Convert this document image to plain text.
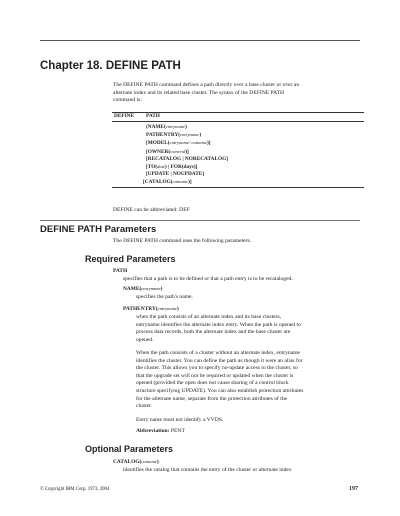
Chapter 18. DEFINE PATH
The DEFINE PATH command defines a path directly over a base cluster or over an
alternate index and its related base cluster. The syntax of the DEFINE PATH
command is:
DEFINE PATH
(NAME(entryname)
PATHENTRY(entryname)
[MODEL(entryname/ catname)]
[OWNER(ownerid)]
[RECATALOG | NORECATALOG]
[TO(date) | FOR(days)]
[UPDATE | NOUPDATE]
[CATALOG(catname)]
DEFINE can be abbreviated: DEF
DEFINE PATH Parameters
The DEFINE PATH command uses the following parameters.
Required Parameters
PATH
specifies that a path is to be defined or that a path entry is to be recataloged.
NAME(entryname)
specifies the path's name.
PATHENTRY(entryname)
when the path consists of an alternate index and its base clusters,
entryname identifies the alternate index entry. When the path is opened to
process data records, both the alternate index and the base cluster are
opened.
When the path consists of a cluster without an alternate index, entryname
identifies the cluster. You can define the path as though it were an alias for
the cluster. This allows you to specify no-update access to the cluster, so
that the upgrade set will not be required or updated when the cluster is
opened (provided the open does not cause sharing of a control block
structure specifying UPDATE). You can also establish protection attributes
for the alternate name, separate from the protection attributes of the
cluster.
Entry name must not identify a VVDS.
Abbreviation: PENT
Optional Parameters
CATALOG(catname)
identifies the catalog that contains the entry of the cluster or alternate index
© Copyright IBM Corp. 1973, 2004	197
